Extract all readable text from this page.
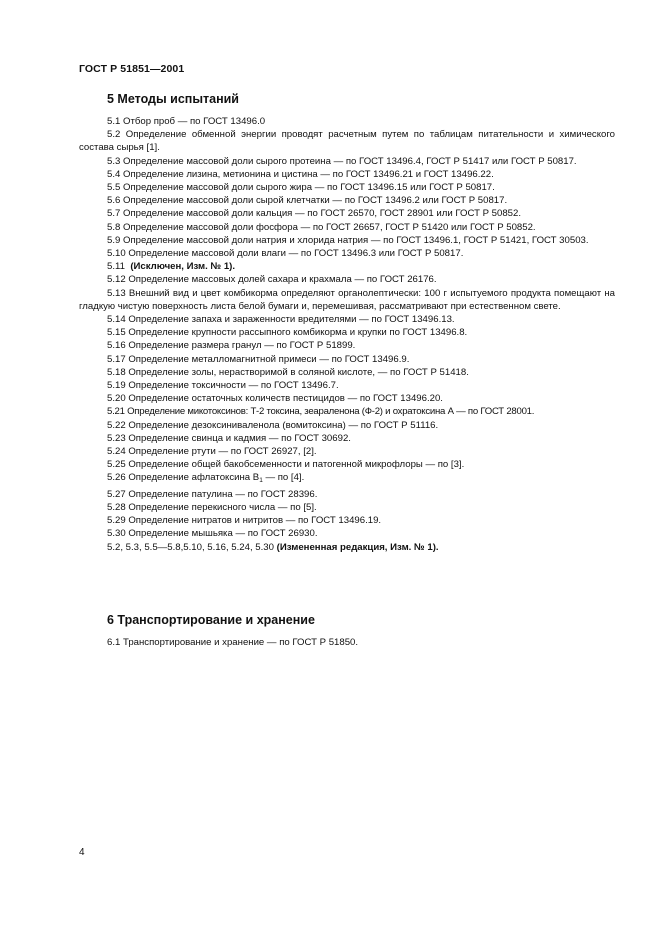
ГОСТ Р 51851—2001
5 Методы испытаний

5.1 Отбор проб — по ГОСТ 13496.0

5.2 Определение обменной энергии проводят расчетным путем по таблицам питательности и химического состава сырья [1].

5.3 Определение массовой доли сырого протеина — по ГОСТ 13496.4, ГОСТ Р 51417 или ГОСТ Р 50817.

5.4 Определение лизина, метионина и цистина — по ГОСТ 13496.21 и ГОСТ 13496.22.

5.5 Определение массовой доли сырого жира — по ГОСТ 13496.15 или ГОСТ Р 50817.

5.6 Определение массовой доли сырой клетчатки — по ГОСТ 13496.2 или ГОСТ Р 50817.

5.7 Определение массовой доли кальция — по ГОСТ 26570, ГОСТ 28901 или ГОСТ Р 50852.

5.8 Определение массовой доли фосфора — по ГОСТ 26657, ГОСТ Р 51420 или ГОСТ Р 50852.

5.9 Определение массовой доли натрия и хлорида натрия — по ГОСТ 13496.1, ГОСТ Р 51421, ГОСТ 30503.

5.10 Определение массовой доли влаги — по ГОСТ 13496.3 или ГОСТ Р 50817.

5.11 (Исключен, Изм. № 1).

5.12 Определение массовых долей сахара и крахмала — по ГОСТ 26176.

5.13 Внешний вид и цвет комбикорма определяют органолептически: 100 г испытуемого продукта помещают на гладкую чистую поверхность листа белой бумаги и, перемешивая, рассматривают при естественном свете.

5.14 Определение запаха и зараженности вредителями — по ГОСТ 13496.13.

5.15 Определение крупности рассыпного комбикорма и крупки по ГОСТ 13496.8.

5.16 Определение размера гранул — по ГОСТ Р 51899.

5.17 Определение металломагнитной примеси — по ГОСТ 13496.9.

5.18 Определение золы, нерастворимой в соляной кислоте, — по ГОСТ Р 51418.

5.19 Определение токсичности — по ГОСТ 13496.7.

5.20 Определение остаточных количеств пестицидов — по ГОСТ 13496.20.

5.21 Определение микотоксинов: Т-2 токсина, зеараленона (Ф-2) и охратоксина А — по ГОСТ 28001.

5.22 Определение дезоксиниваленола (вомитоксина) — по ГОСТ Р 51116.

5.23 Определение свинца и кадмия — по ГОСТ 30692.

5.24 Определение ртути — по ГОСТ 26927, [2].

5.25 Определение общей бакобсеменности и патогенной микрофлоры — по [3].

5.26 Определение афлатоксина $В_1$ — по [4].

5.27 Определение патулина — по ГОСТ 28396.

5.28 Определение перекисного числа — по [5].

5.29 Определение нитратов и нитритов — по ГОСТ 13496.19.

5.30 Определение мышьяка — по ГОСТ 26930.

5.2, 5.3, 5.5—5.8,5.10, 5.16, 5.24, 5.30 (Измененная редакция, Изм. № 1).

6 Транспортирование и хранение

6.1 Транспортирование и хранение — по ГОСТ Р 51850.

4
